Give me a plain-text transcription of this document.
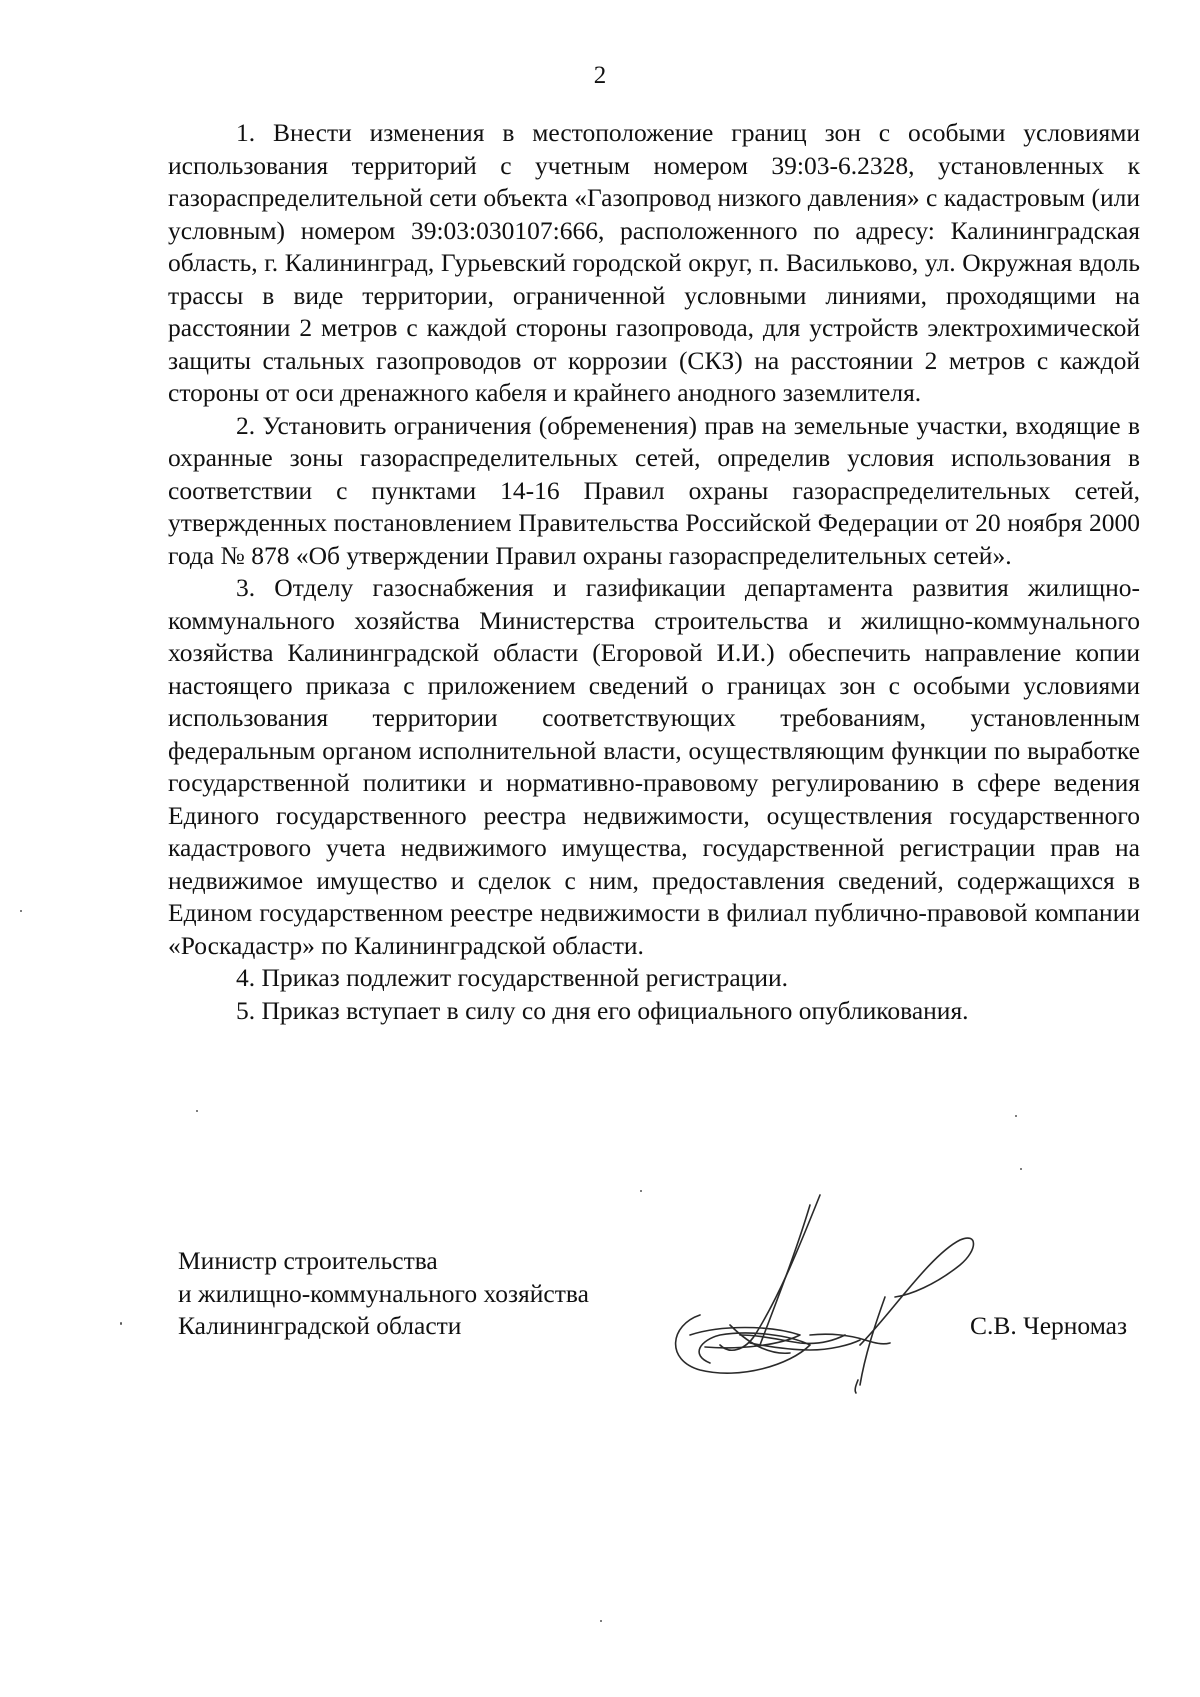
2

1. Внести изменения в местоположение границ зон с особыми условиями использования территорий с учетным номером 39:03-6.2328, установленных к газораспределительной сети объекта «Газопровод низкого давления» с кадастровым (или условным) номером 39:03:030107:666, расположенного по адресу: Калининградская область, г. Калининград, Гурьевский городской округ, п. Васильково, ул. Окружная вдоль трассы в виде территории, ограниченной условными линиями, проходящими на расстоянии 2 метров с каждой стороны газопровода, для устройств электрохимической защиты стальных газопроводов от коррозии (СКЗ) на расстоянии 2 метров с каждой стороны от оси дренажного кабеля и крайнего анодного заземлителя.

2. Установить ограничения (обременения) прав на земельные участки, входящие в охранные зоны газораспределительных сетей, определив условия использования в соответствии с пунктами 14-16 Правил охраны газораспределительных сетей, утвержденных постановлением Правительства Российской Федерации от 20 ноября 2000 года № 878 «Об утверждении Правил охраны газораспределительных сетей».

3. Отделу газоснабжения и газификации департамента развития жилищно-коммунального хозяйства Министерства строительства и жилищно-коммунального хозяйства Калининградской области (Егоровой И.И.) обеспечить направление копии настоящего приказа с приложением сведений о границах зон с особыми условиями использования территории соответствующих требованиям, установленным федеральным органом исполнительной власти, осуществляющим функции по выработке государственной политики и нормативно-правовому регулированию в сфере ведения Единого государственного реестра недвижимости, осуществления государственного кадастрового учета недвижимого имущества, государственной регистрации прав на недвижимое имущество и сделок с ним, предоставления сведений, содержащихся в Едином государственном реестре недвижимости в филиал публично-правовой компании «Роскадастр» по Калининградской области.

4. Приказ подлежит государственной регистрации.

5. Приказ вступает в силу со дня его официального опубликования.

Министр строительства
и жилищно-коммунального хозяйства
Калининградской области	С.В. Черномаз
